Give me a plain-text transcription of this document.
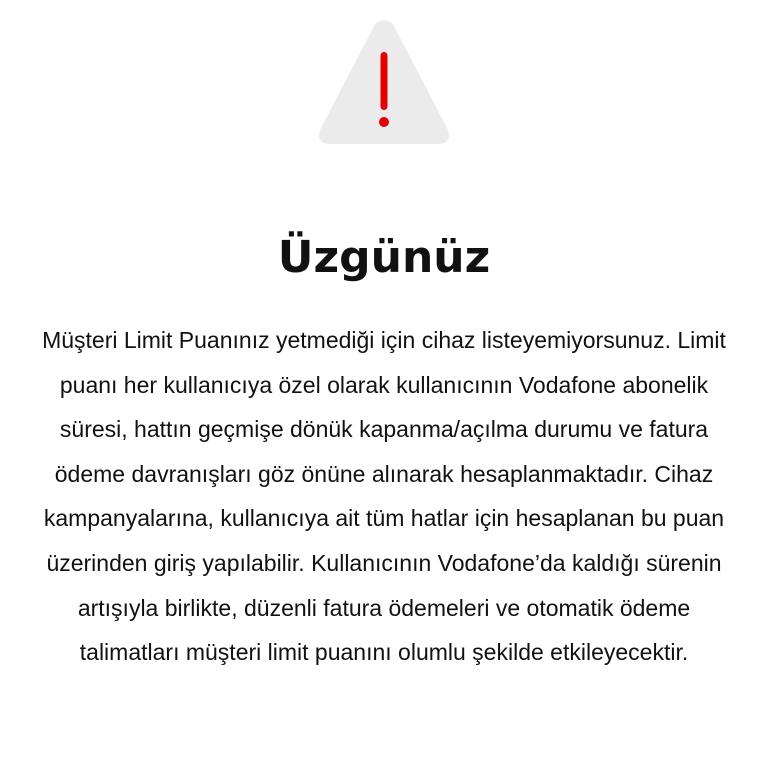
Üzgünüz

Müşteri Limit Puanınız yetmediği için cihaz listeyemiyorsunuz. Limit puanı her kullanıcıya özel olarak kullanıcının Vodafone abonelik süresi, hattın geçmişe dönük kapanma/açılma durumu ve fatura ödeme davranışları göz önüne alınarak hesaplanmaktadır. Cihaz kampanyalarına, kullanıcıya ait tüm hatlar için hesaplanan bu puan üzerinden giriş yapılabilir. Kullanıcının Vodafone’da kaldığı sürenin artışıyla birlikte, düzenli fatura ödemeleri ve otomatik ödeme talimatları müşteri limit puanını olumlu şekilde etkileyecektir.
